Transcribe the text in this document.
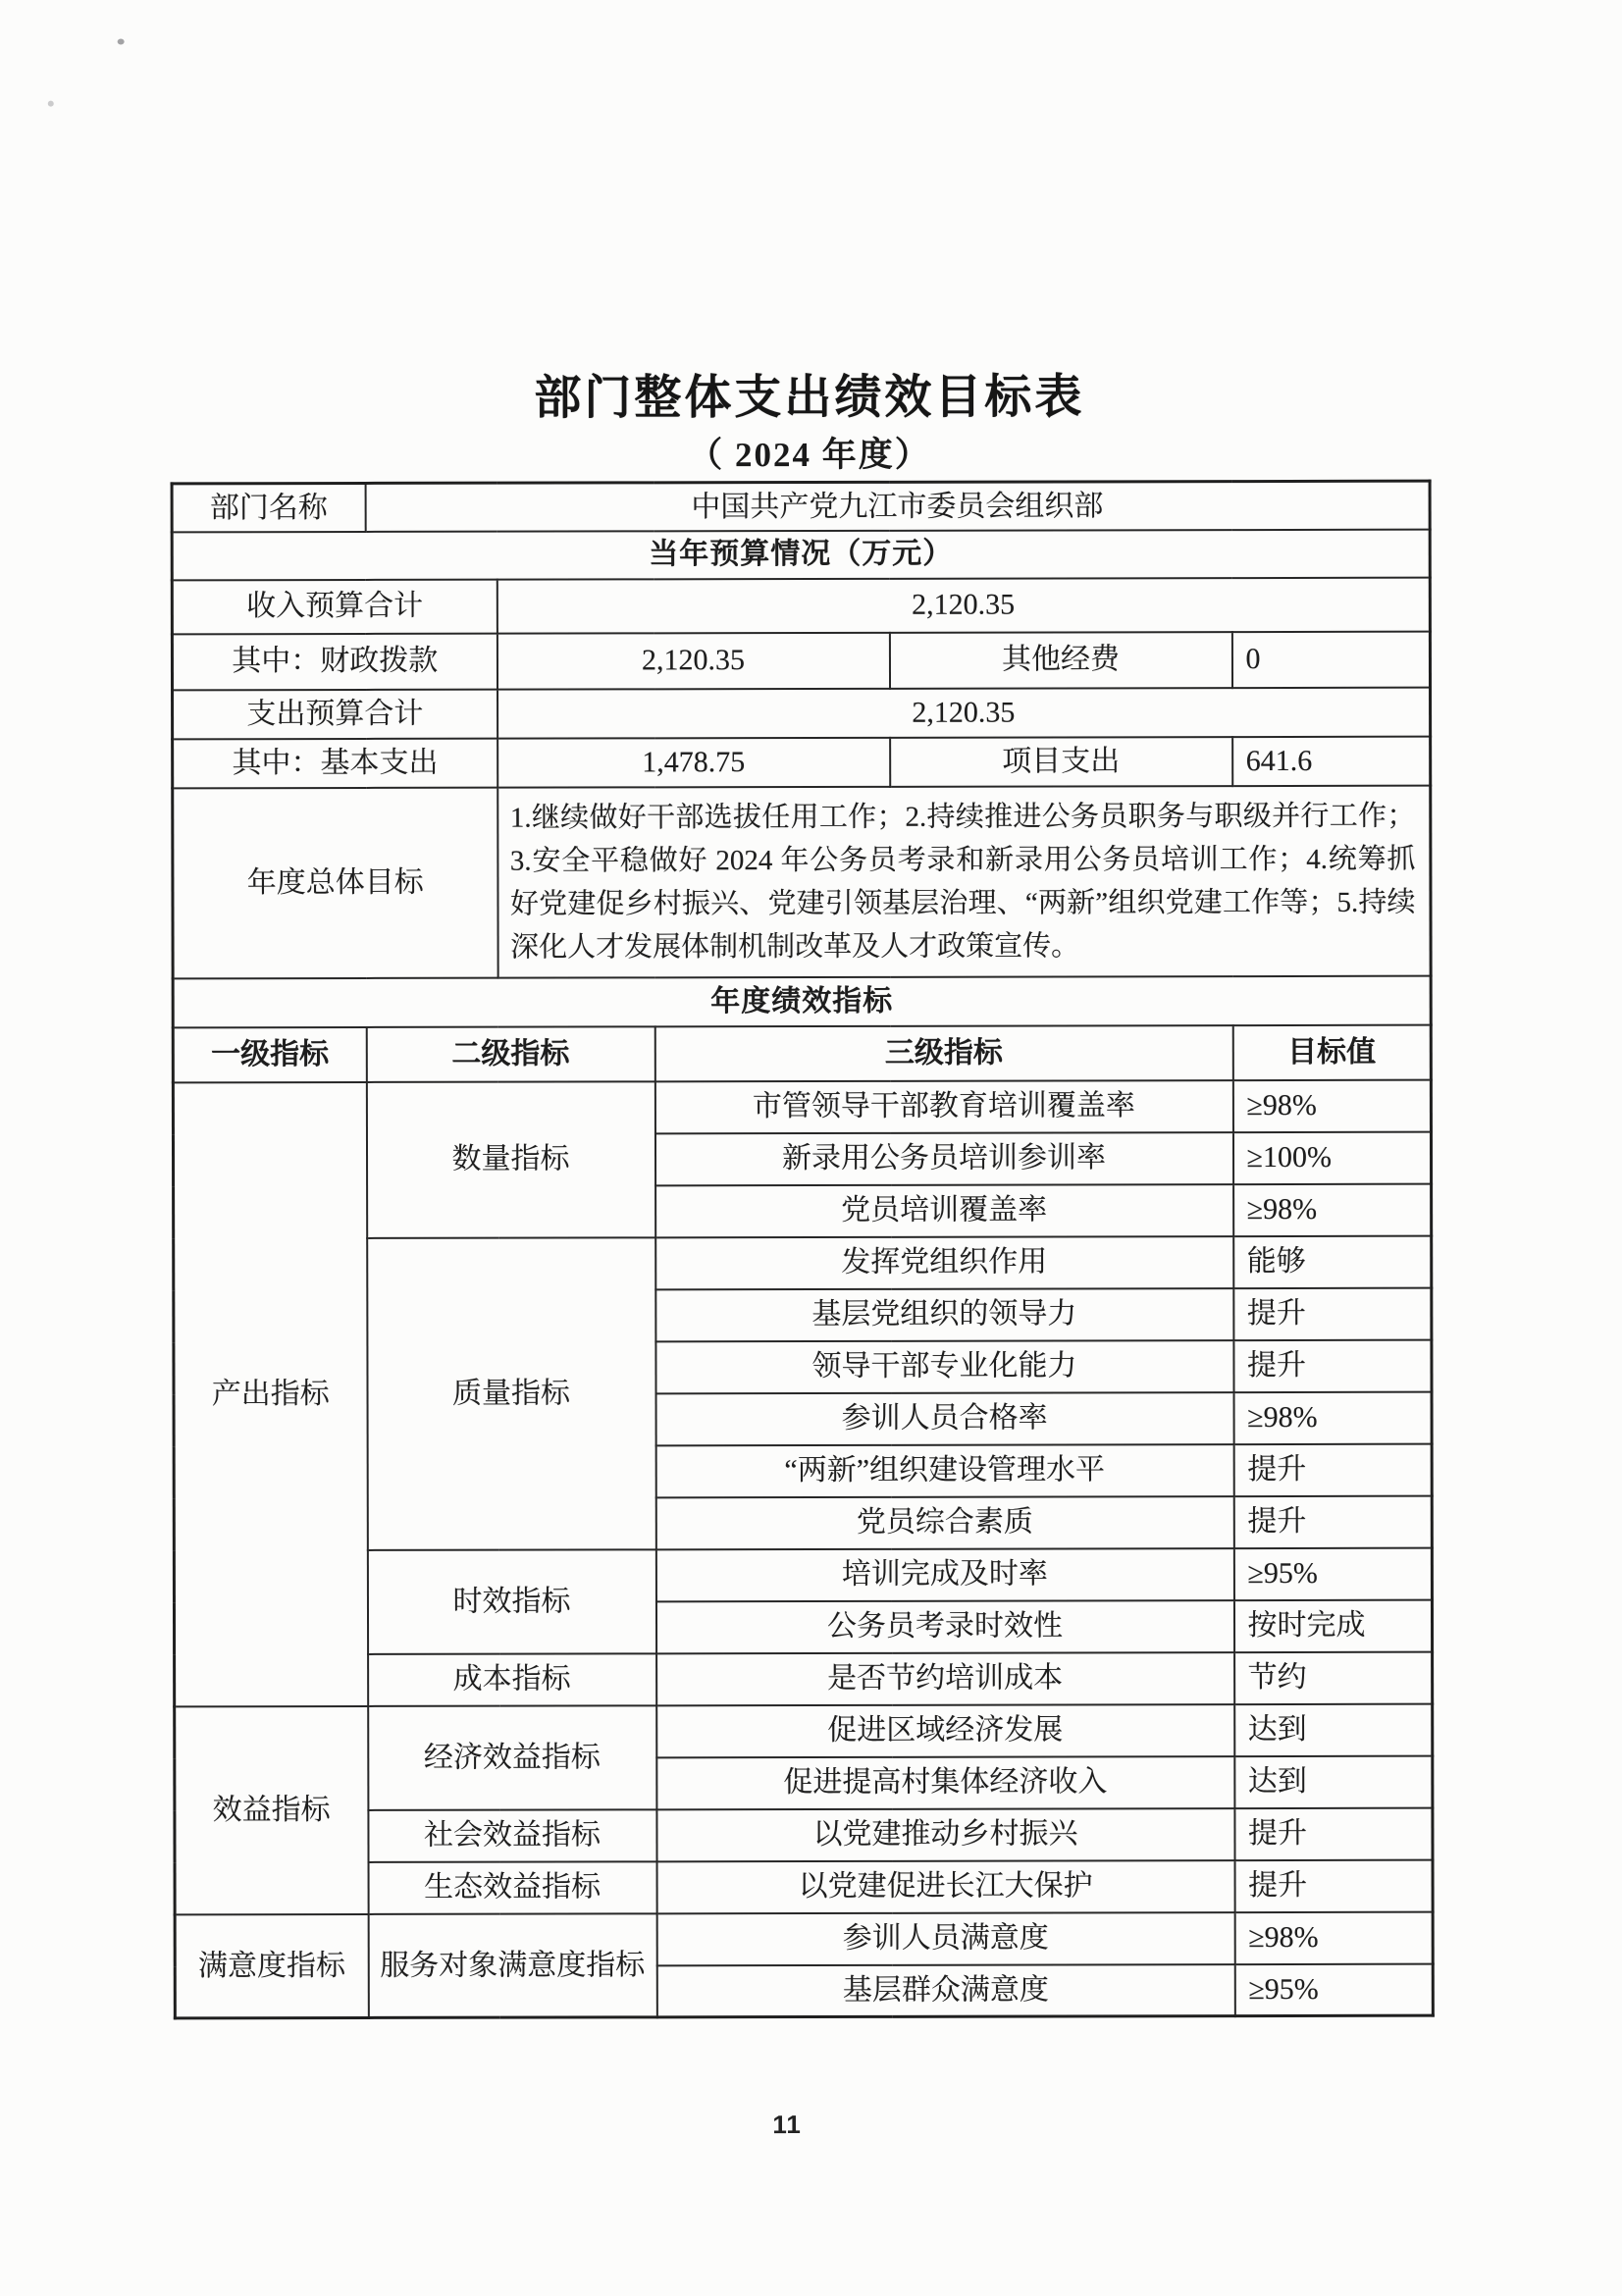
部门整体支出绩效目标表
（ 2024 年度）
部门名称	中国共产党九江市委员会组织部				
当年预算情况（万元）					
收入预算合计		2,120.35			
其中：财政拨款		2,120.35		其他经费	0
支出预算合计		2,120.35			
其中：基本支出		1,478.75		项目支出	641.6
年度总体目标		1.继续做好干部选拔任用工作；2.持续推进公务员职务与职级并行工作；3.安全平稳做好 2024 年公务员考录和新录用公务员培训工作；4.统筹抓好党建促乡村振兴、党建引领基层治理、“两新”组织党建工作等；5.持续深化人才发展体制机制改革及人才政策宣传。			
年度绩效指标					
一级指标	二级指标		三级指标		目标值
产出指标	数量指标		市管领导干部教育培训覆盖率		≥98%
			新录用公务员培训参训率		≥100%
			党员培训覆盖率		≥98%
	质量指标		发挥党组织作用		能够
			基层党组织的领导力		提升
			领导干部专业化能力		提升
			参训人员合格率		≥98%
			“两新”组织建设管理水平		提升
			党员综合素质		提升
	时效指标		培训完成及时率		≥95%
			公务员考录时效性		按时完成
	成本指标		是否节约培训成本		节约
效益指标	经济效益指标		促进区域经济发展		达到
			促进提高村集体经济收入		达到
	社会效益指标		以党建推动乡村振兴		提升
	生态效益指标		以党建促进长江大保护		提升
满意度指标	服务对象满意度指标		参训人员满意度		≥98%
			基层群众满意度		≥95%
11
